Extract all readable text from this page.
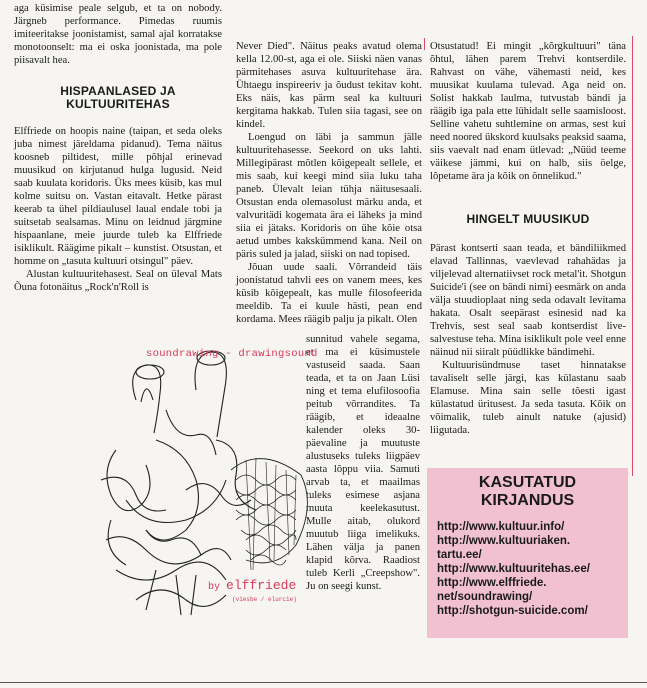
aga küsimise peale selgub, et ta on nobody. Järgneb performance. Pimedas ruumis imiteeritakse joonistamist, samal ajal korratakse monotoonselt: ma ei oska joonistada, ma pole piisavalt hea.

HISPAANLASED JA KULTUURITEHAS

Elffriede on hoopis naine (taipan, et seda oleks juba nimest järeldama pidanud). Tema näitus koosneb piltidest, mille põhjal erinevad muusikud on kirjutanud hulga lugusid. Neid saab kuulata koridoris. Üks mees küsib, kas mul kolme suitsu on. Vastan eitavalt. Hetke pärast keerab ta ühel pildiaulusel laual endale tobi ja suitsetab sealsamas. Minu on leidnud järgmine hispaanlane, meie juurde tuleb ka Elffriede isiklikult. Räägime pikalt – kunstist. Otsustan, et homme on „tasuta kultuuri otsingul" päev.

Alustan kultuuritehasest. Seal on üleval Mats Õuna fotonäitus „Rock'n'Roll is

Never Died". Näitus peaks avatud olema kella 12.00-st, aga ei ole. Siiski näen vanas pärmitehases asuva kultuuritehase ära. Ühtaegu inspireeriv ja õudust tekitav koht. Eks näis, kas pärm seal ka kultuuri kergitama hakkab. Tulen siia tagasi, see on kindel.

Loengud on läbi ja sammun jälle kultuuritehasesse. Seekord on uks lahti. Millegipärast mõtlen kõigepealt sellele, et mis saab, kui keegi mind siia luku taha paneb. Ülevalt leian tühja näitusesaali. Otsustan enda olemasolust märku anda, et valvuritädi kogemata ära ei läheks ja mind siia ei jätaks. Koridoris on ühe kõie otsa aetud umbes kakskümmend kana. Neil on päris suled ja jalad, siiski on nad topised.

Jõuan uude saali. Võrrandeid täis joonistatud tahvli ees on vanem mees, kes küsib kõigepealt, kas mulle filosofeerida meeldib. Ta ei kuule hästi, pean end kordama. Mees räägib palju ja pikalt. Olen

sunnitud vahele segama, et ma ei küsimustele vastuseid saada. Saan teada, et ta on Jaan Lüsi ning et tema elufilosoofia peitub võrrandites. Ta räägib, et ideaalne kalender oleks 30-päevaline ja muutuste alustuseks tuleks liigpäev aasta lõppu viia. Samuti arvab ta, et maailmas tuleks esimese asjana muuta keelekasutust. Mulle aitab, olukord muutub liiga imelikuks. Lähen välja ja panen klapid kõrva. Raadiost tuleb Kerli „Creepshow". Ju on seegi kunst.

soundrawing - drawingsound
by elffriede
(viesbe / elurcie)

Otsustatud! Ei mingit „kõrgkultuuri" täna õhtul, lähen parem Trehvi kontserdile. Rahvast on vähe, vähemasti neid, kes muusikat kuulama tulevad. Aga neid on. Solist hakkab laulma, tutvustab bändi ja räägib iga pala ette lühidalt selle saamisloost. Selline vahetu suhtlemine on armas, sest kui need noored ükskord kuulsaks peaksid saama, siis vaevalt nad enam ütlevad: „Nüüd teeme väikese jämmi, kui on halb, siis öelge, lõpetame ära ja kõik on õnnelikud."

HINGELT MUUSIKUD

Pärast kontserti saan teada, et bändiliikmed elavad Tallinnas, vaevlevad rahahädas ja viljelevad alternatiivset rock metal'it. Shotgun Suicide'i (see on bändi nimi) eesmärk on anda välja stuudioplaat ning seda odavalt levitama hakata. Osalt seepärast esinesid nad ka Trehvis, sest seal saab kontserdist live-salvestuse teha. Mina isiklikult pole veel enne näinud nii siiralt püüdlikke bändimehi.

Kultuurisündmuse taset hinnatakse tavaliselt selle järgi, kas külastanu saab Elamuse. Mina sain selle tõesti igast külastatud üritusest. Ja seda tasuta. Kõik on võimalik, tuleb ainult natuke (ajusid) liigutada.

KASUTATUD
KIRJANDUS
http://www.kultuur.info/
http://www.kultuuriaken.
tartu.ee/
http://www.kultuuritehas.ee/
http://www.elffriede.
net/soundrawing/
http://shotgun-suicide.com/
